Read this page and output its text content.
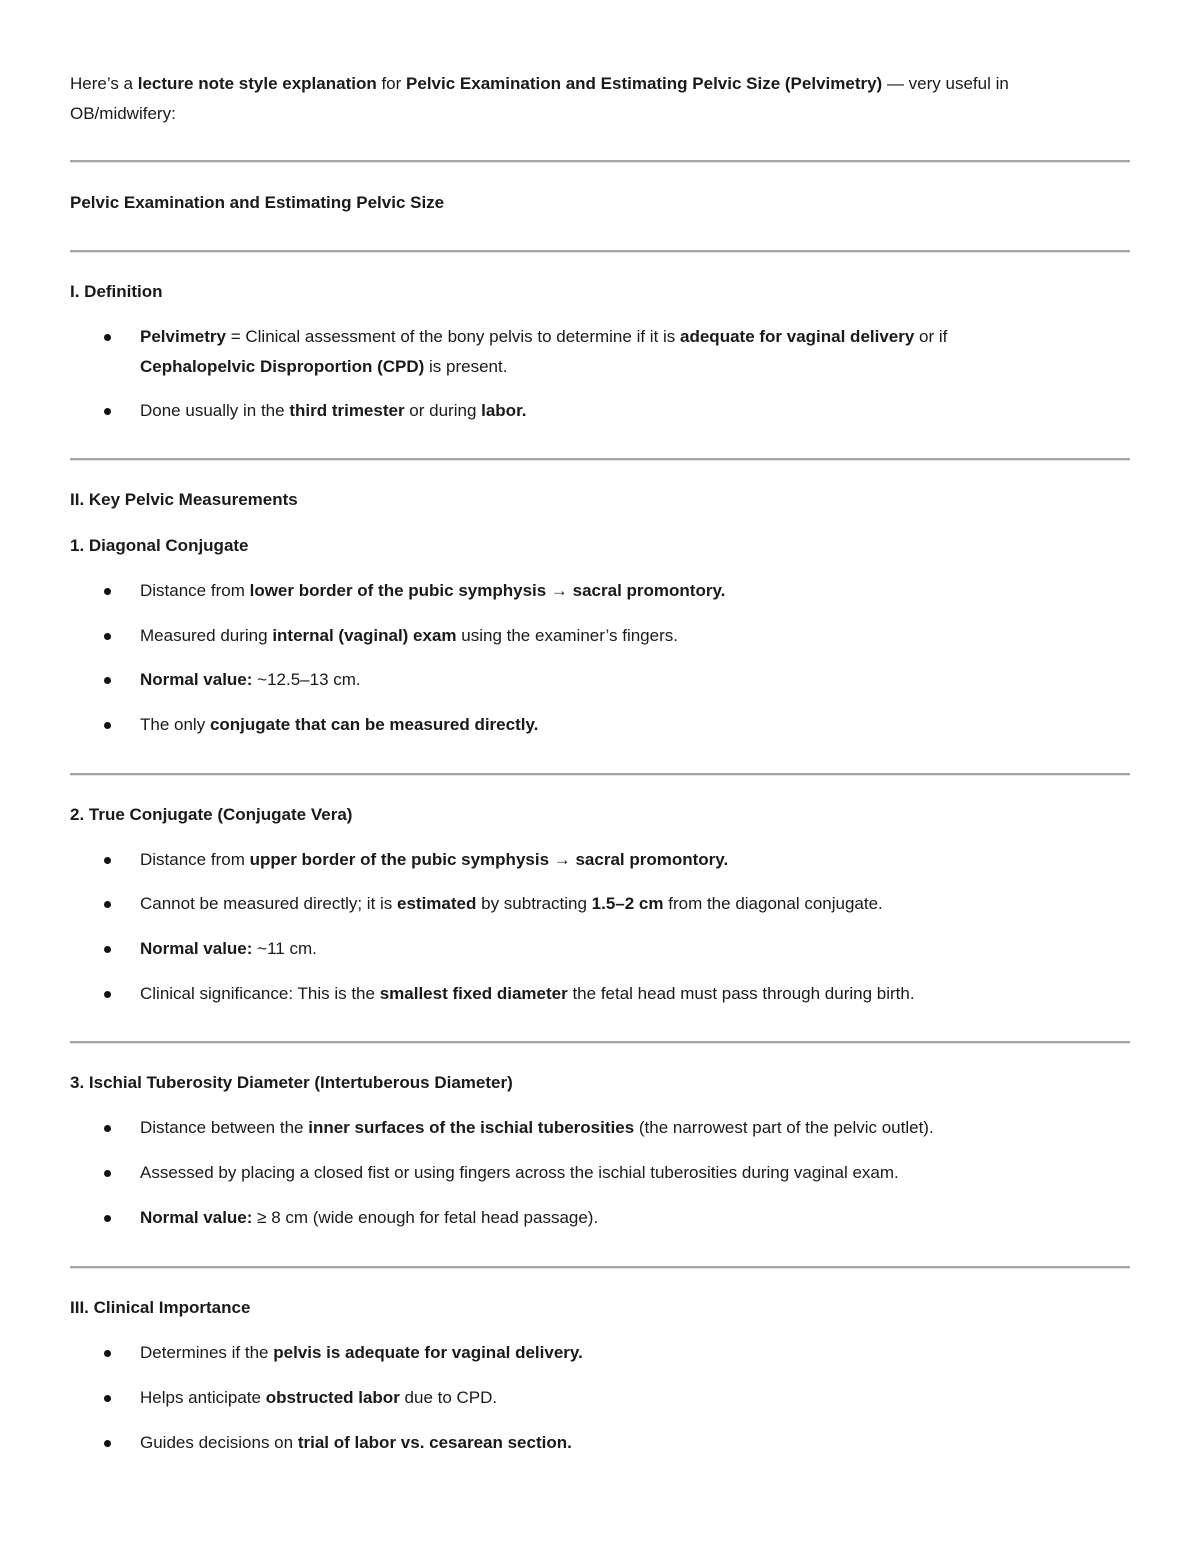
Here’s a lecture note style explanation for Pelvic Examination and Estimating Pelvic Size (Pelvimetry) — very useful in
OB/midwifery:
Pelvic Examination and Estimating Pelvic Size
I. Definition
Pelvimetry = Clinical assessment of the bony pelvis to determine if it is adequate for vaginal delivery or if
Cephalopelvic Disproportion (CPD) is present.
Done usually in the third trimester or during labor.
II. Key Pelvic Measurements
1. Diagonal Conjugate
Distance from lower border of the pubic symphysis → sacral promontory.
Measured during internal (vaginal) exam using the examiner’s fingers.
Normal value: ~12.5–13 cm.
The only conjugate that can be measured directly.
2. True Conjugate (Conjugate Vera)
Distance from upper border of the pubic symphysis → sacral promontory.
Cannot be measured directly; it is estimated by subtracting 1.5–2 cm from the diagonal conjugate.
Normal value: ~11 cm.
Clinical significance: This is the smallest fixed diameter the fetal head must pass through during birth.
3. Ischial Tuberosity Diameter (Intertuberous Diameter)
Distance between the inner surfaces of the ischial tuberosities (the narrowest part of the pelvic outlet).
Assessed by placing a closed fist or using fingers across the ischial tuberosities during vaginal exam.
Normal value: ≥ 8 cm (wide enough for fetal head passage).
III. Clinical Importance
Determines if the pelvis is adequate for vaginal delivery.
Helps anticipate obstructed labor due to CPD.
Guides decisions on trial of labor vs. cesarean section.
